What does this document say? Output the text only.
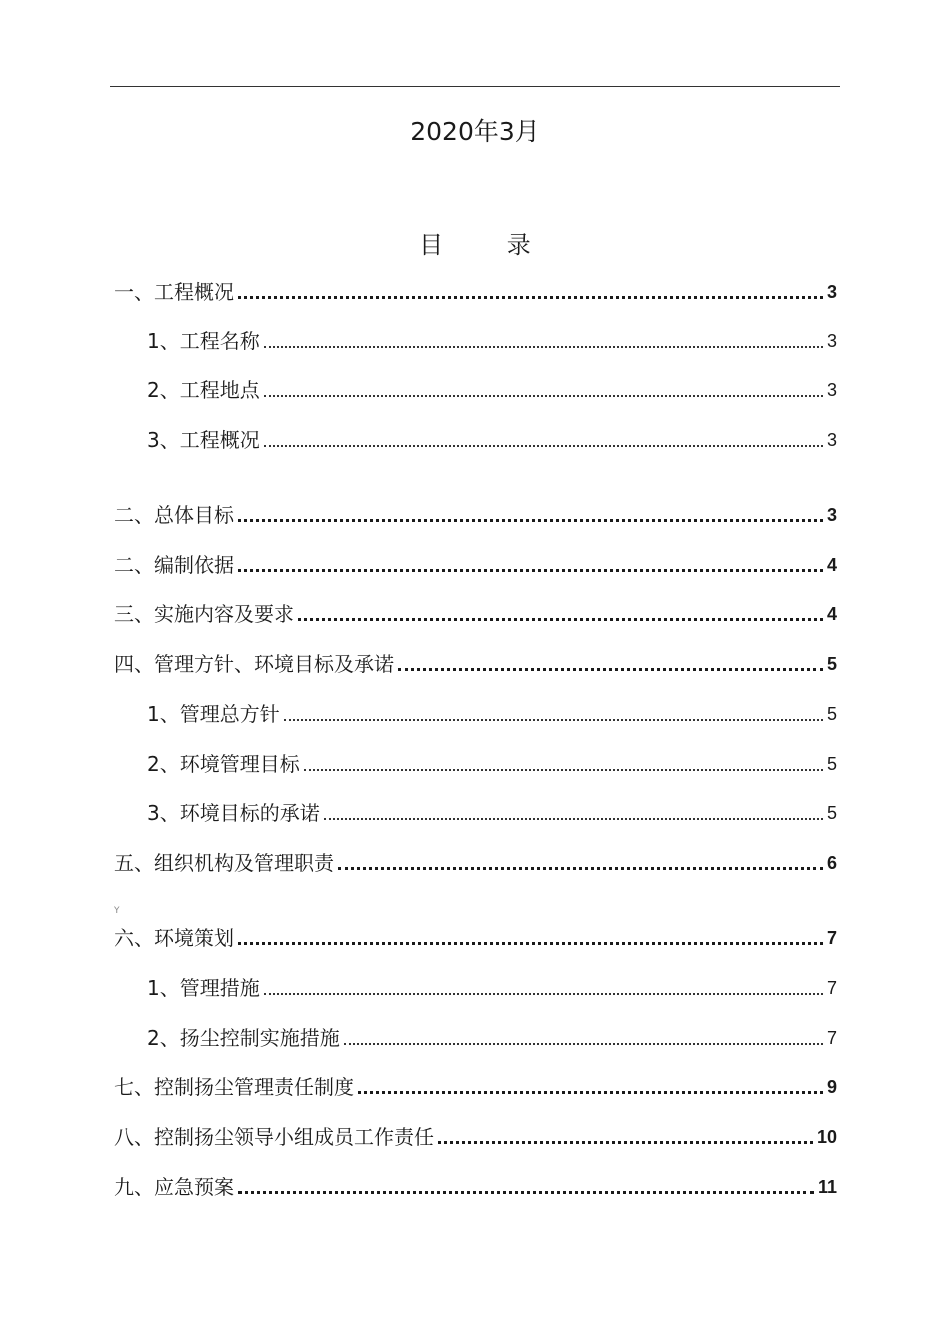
2020年3月
目 录
一、工程概况	3
1、工程名称	3
2、工程地点	3
3、工程概况	3
二、总体目标	3
二、编制依据	4
三、实施内容及要求	4
四、管理方针、环境目标及承诺	5
1、管理总方针	5
2、环境管理目标	5
3、环境目标的承诺	5
五、组织机构及管理职责	6
Y
六、环境策划	7
1、管理措施	7
2、扬尘控制实施措施	7
七、控制扬尘管理责任制度	9
八、控制扬尘领导小组成员工作责任	10
九、应急预案	11
